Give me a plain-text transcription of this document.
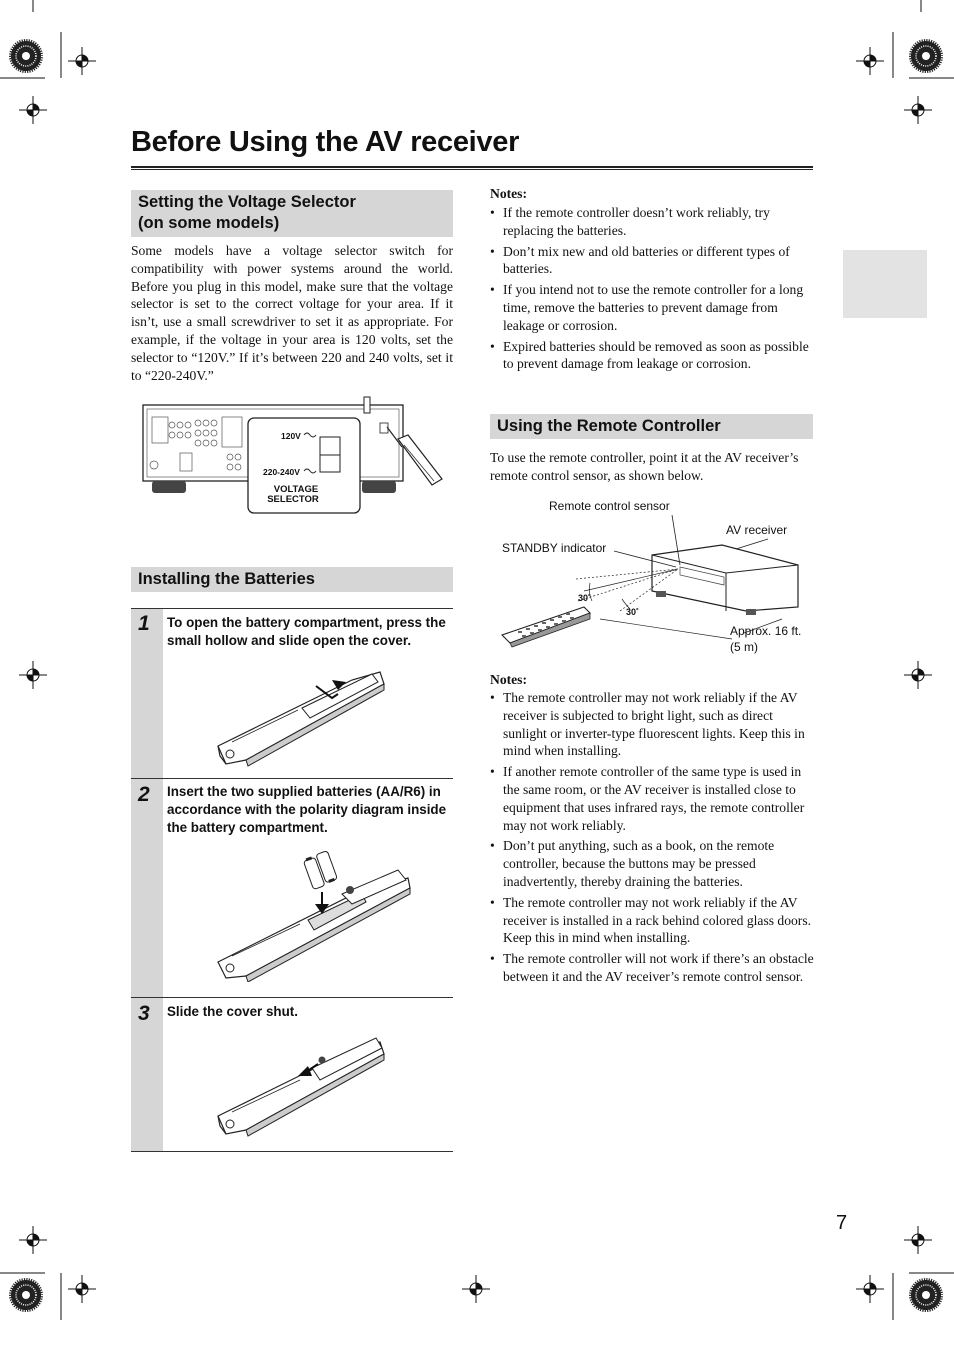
Before Using the AV receiver
Setting the Voltage Selector
(on some models)
Some models have a voltage selector switch for compatibility with power systems around the world. Before you plug in this model, make sure that the voltage selector is set to the correct voltage for your area. If it isn’t, use a small screwdriver to set it as appropriate. For example, if the voltage in your area is 120 volts, set the selector to “120V.” If it’s between 220 and 240 volts, set it to “220-240V.”
120V
220-240V
VOLTAGE
SELECTOR
Installing the Batteries
1 To open the battery compartment, press the small hollow and slide open the cover.
2 Insert the two supplied batteries (AA/R6) in accordance with the polarity diagram inside the battery compartment.
3 Slide the cover shut.
Notes:
• If the remote controller doesn’t work reliably, try replacing the batteries.
• Don’t mix new and old batteries or different types of batteries.
• If you intend not to use the remote controller for a long time, remove the batteries to prevent damage from leakage or corrosion.
• Expired batteries should be removed as soon as possible to prevent damage from leakage or corrosion.
Using the Remote Controller
To use the remote controller, point it at the AV receiver’s remote control sensor, as shown below.
Remote control sensor
AV receiver
STANDBY indicator
Approx. 16 ft.
(5 m)
30˚
30˚
Notes:
• The remote controller may not work reliably if the AV receiver is subjected to bright light, such as direct sunlight or inverter-type fluorescent lights. Keep this in mind when installing.
• If another remote controller of the same type is used in the same room, or the AV receiver is installed close to equipment that uses infrared rays, the remote controller may not work reliably.
• Don’t put anything, such as a book, on the remote controller, because the buttons may be pressed inadvertently, thereby draining the batteries.
• The remote controller may not work reliably if the AV receiver is installed in a rack behind colored glass doors. Keep this in mind when installing.
• The remote controller will not work if there’s an obstacle between it and the AV receiver’s remote control sensor.
7
